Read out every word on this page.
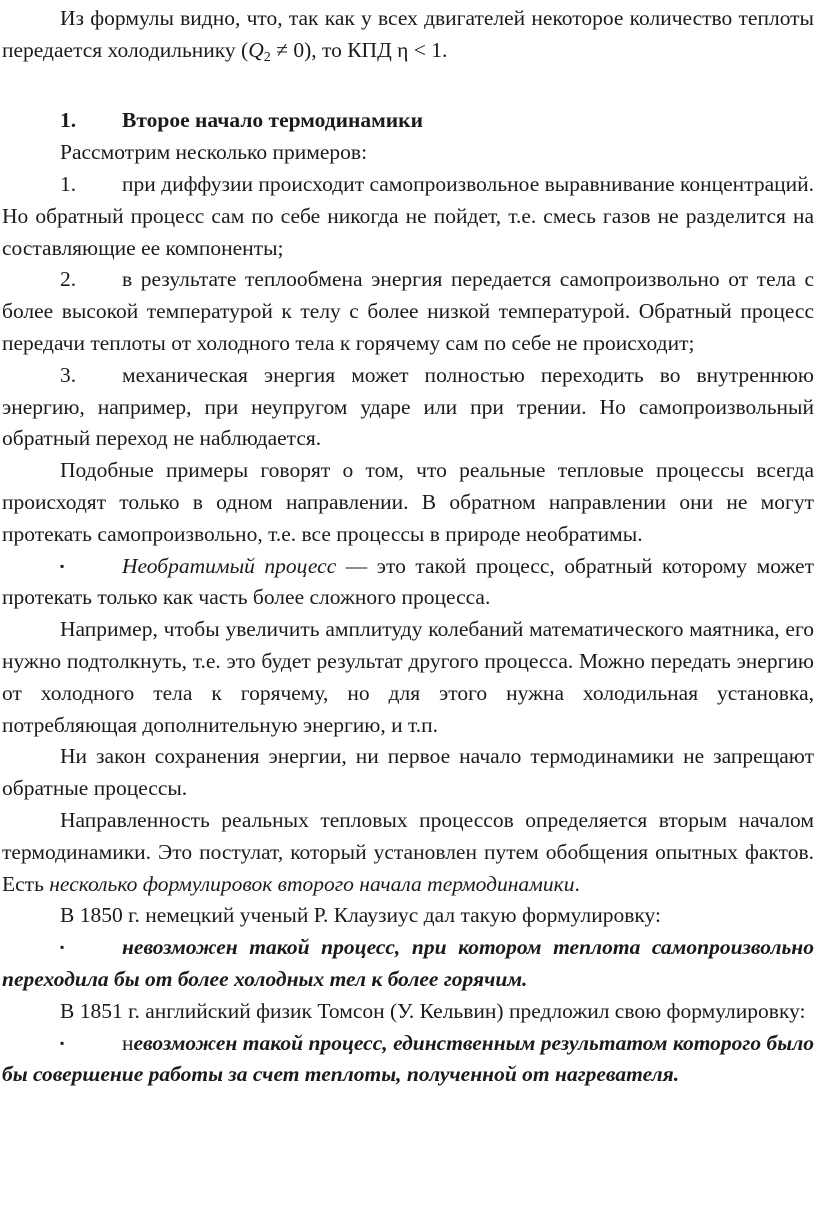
Из формулы видно, что, так как у всех двигателей некоторое количество теплоты передается холодильнику $(Q_2 \ne 0)$, то КПД η < 1.

1. Второе начало термодинамики

Рассмотрим несколько примеров:

1. при диффузии происходит самопроизвольное выравнивание концентраций. Но обратный процесс сам по себе никогда не пойдет, т.е. смесь газов не разделится на составляющие ее компоненты;

2. в результате теплообмена энергия передается самопроизвольно от тела с более высокой температурой к телу с более низкой температурой. Обратный процесс передачи теплоты от холодного тела к горячему сам по себе не происходит;

3. механическая энергия может полностью переходить во внутреннюю энергию, например, при неупругом ударе или при трении. Но самопроизвольный обратный переход не наблюдается.

Подобные примеры говорят о том, что реальные тепловые процессы всегда происходят только в одном направлении. В обратном направлении они не могут протекать самопроизвольно, т.е. все процессы в природе необратимы.

▪	Необратимый процесс — это такой процесс, обратный которому может протекать только как часть более сложного процесса.

Например, чтобы увеличить амплитуду колебаний математического маятника, его нужно подтолкнуть, т.е. это будет результат другого процесса. Можно передать энергию от холодного тела к горячему, но для этого нужна холодильная установка, потребляющая дополнительную энергию, и т.п.

Ни закон сохранения энергии, ни первое начало термодинамики не запрещают обратные процессы.

Направленность реальных тепловых процессов определяется вторым началом термодинамики. Это постулат, который установлен путем обобщения опытных фактов. Есть несколько формулировок второго начала термодинамики.

В 1850 г. немецкий ученый Р. Клаузиус дал такую формулировку:

▪	невозможен такой процесс, при котором теплота самопроизвольно переходила бы от более холодных тел к более горячим.

В 1851 г. английский физик Томсон (У. Кельвин) предложил свою формулировку:

▪	невозможен такой процесс, единственным результатом которого было бы совершение работы за счет теплоты, полученной от нагревателя.
